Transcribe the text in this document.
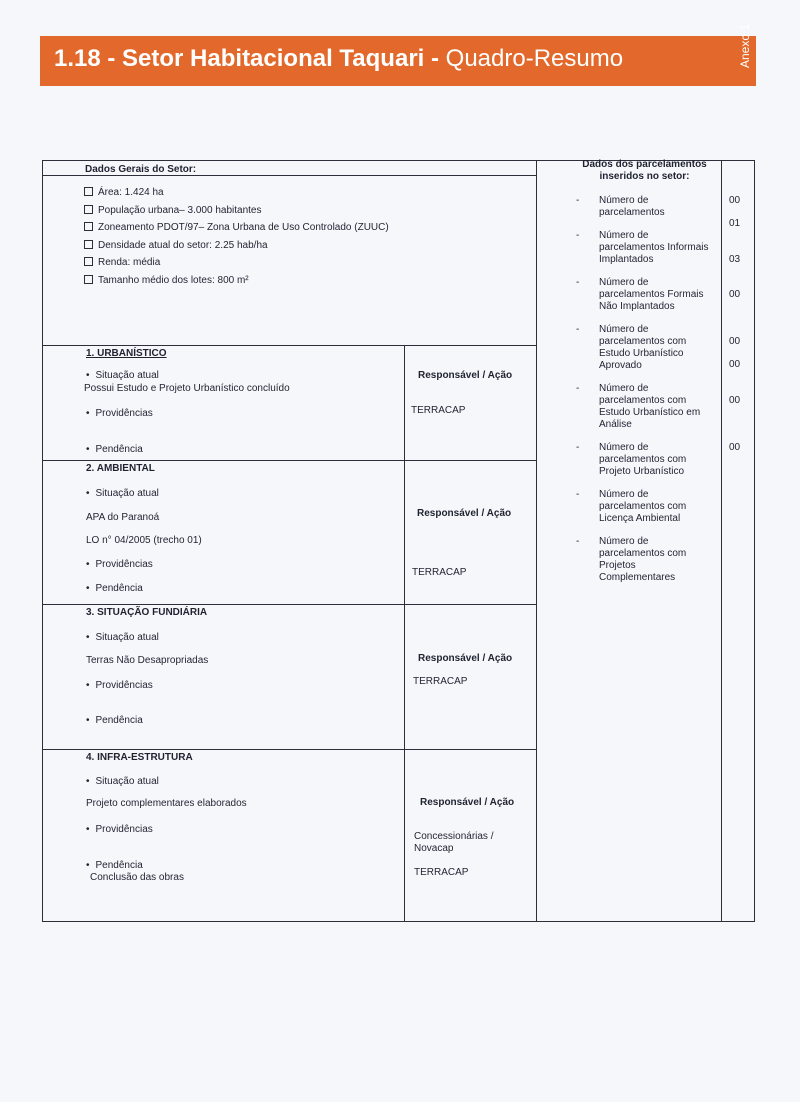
1.18 - Setor Habitacional Taquari - Quadro-Resumo	Anexo 1
Dados Gerais do Setor:
Área: 1.424 ha
População urbana– 3.000 habitantes
Zoneamento PDOT/97– Zona Urbana de Uso Controlado (ZUUC)
Densidade atual do setor: 2.25 hab/ha
Renda: média
Tamanho médio dos lotes: 800 m²
1. URBANÍSTICO
• Situação atual
Possui Estudo e Projeto Urbanístico concluído
• Providências
• Pendência
Responsável / Ação
TERRACAP
2. AMBIENTAL
• Situação atual
APA do Paranoá
LO n° 04/2005 (trecho 01)
• Providências
• Pendência
Responsável / Ação
TERRACAP
3. SITUAÇÃO FUNDIÁRIA
• Situação atual
Terras Não Desapropriadas
• Providências
• Pendência
Responsável / Ação
TERRACAP
4. INFRA-ESTRUTURA
• Situação atual
Projeto complementares elaborados
• Providências
• Pendência
Conclusão das obras
Responsável / Ação
Concessionárias / Novacap
TERRACAP
Dados dos parcelamentos inseridos no setor:
- Número de parcelamentos
00
01
- Número de parcelamentos Informais Implantados	03
- Número de parcelamentos Formais Não Implantados
00
- Número de parcelamentos com Estudo Urbanístico Aprovado
00
00
- Número de parcelamentos com Estudo Urbanístico em Análise
00
- Número de parcelamentos com Projeto Urbanístico
00
- Número de parcelamentos com Licença Ambiental
- Número de parcelamentos com Projetos Complementares
